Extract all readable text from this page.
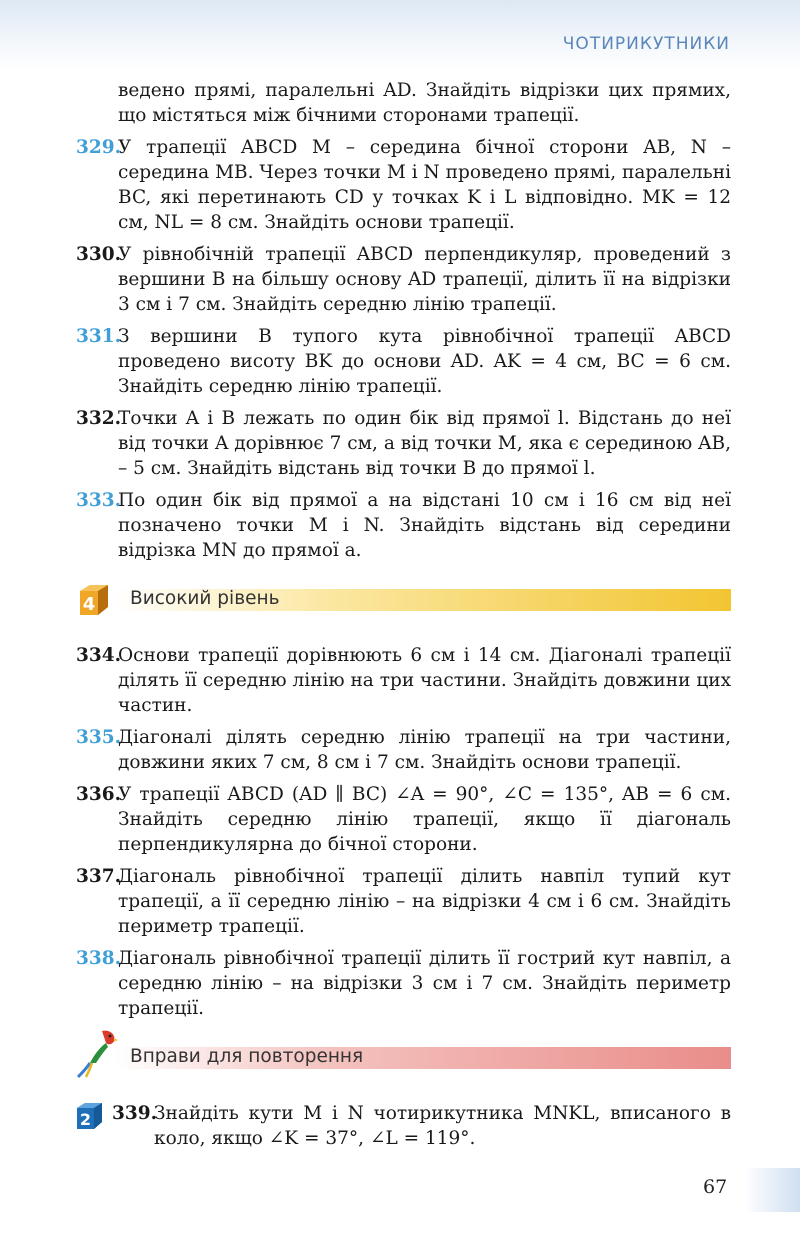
ЧОТИРИКУТНИКИ
ведено прямі, паралельні AD. Знайдіть відрізки цих прямих, що містяться між бічними сторонами трапеції.
329.
У трапеції ABCD M – середина бічної сторони AB, N – середина MB. Через точки M і N проведено прямі, паралельні BC, які перетинають CD у точках K і L відповідно. MK = 12 см, NL = 8 см. Знайдіть основи трапеції.
330.
У рівнобічній трапеції ABCD перпендикуляр, проведений з вершини B на більшу основу AD трапеції, ділить її на відрізки 3 см і 7 см. Знайдіть середню лінію трапеції.
331.
З вершини B тупого кута рівнобічної трапеції ABCD проведено висоту BK до основи AD. AK = 4 см, BC = 6 см. Знайдіть середню лінію трапеції.
332.
Точки A і B лежать по один бік від прямої l. Відстань до неї від точки A дорівнює 7 см, а від точки M, яка є серединою AB, – 5 см. Знайдіть відстань від точки B до прямої l.
333.
По один бік від прямої a на відстані 10 см і 16 см від неї позначено точки M і N. Знайдіть відстань від середини відрізка MN до прямої a.
4 Високий рівень
334.
Основи трапеції дорівнюють 6 см і 14 см. Діагоналі трапеції ділять її середню лінію на три частини. Знайдіть довжини цих частин.
335.
Діагоналі ділять середню лінію трапеції на три частини, довжини яких 7 см, 8 см і 7 см. Знайдіть основи трапеції.
336.
У трапеції ABCD (AD ∥ BC) ∠A = 90°, ∠C = 135°, AB = 6 см. Знайдіть середню лінію трапеції, якщо її діагональ перпендикулярна до бічної сторони.
337.
Діагональ рівнобічної трапеції ділить навпіл тупий кут трапеції, а її середню лінію – на відрізки 4 см і 6 см. Знайдіть периметр трапеції.
338.
Діагональ рівнобічної трапеції ділить її гострий кут навпіл, а середню лінію – на відрізки 3 см і 7 см. Знайдіть периметр трапеції.
Вправи для повторення
2 339.
Знайдіть кути M і N чотирикутника MNKL, вписаного в коло, якщо ∠K = 37°, ∠L = 119°.
67
